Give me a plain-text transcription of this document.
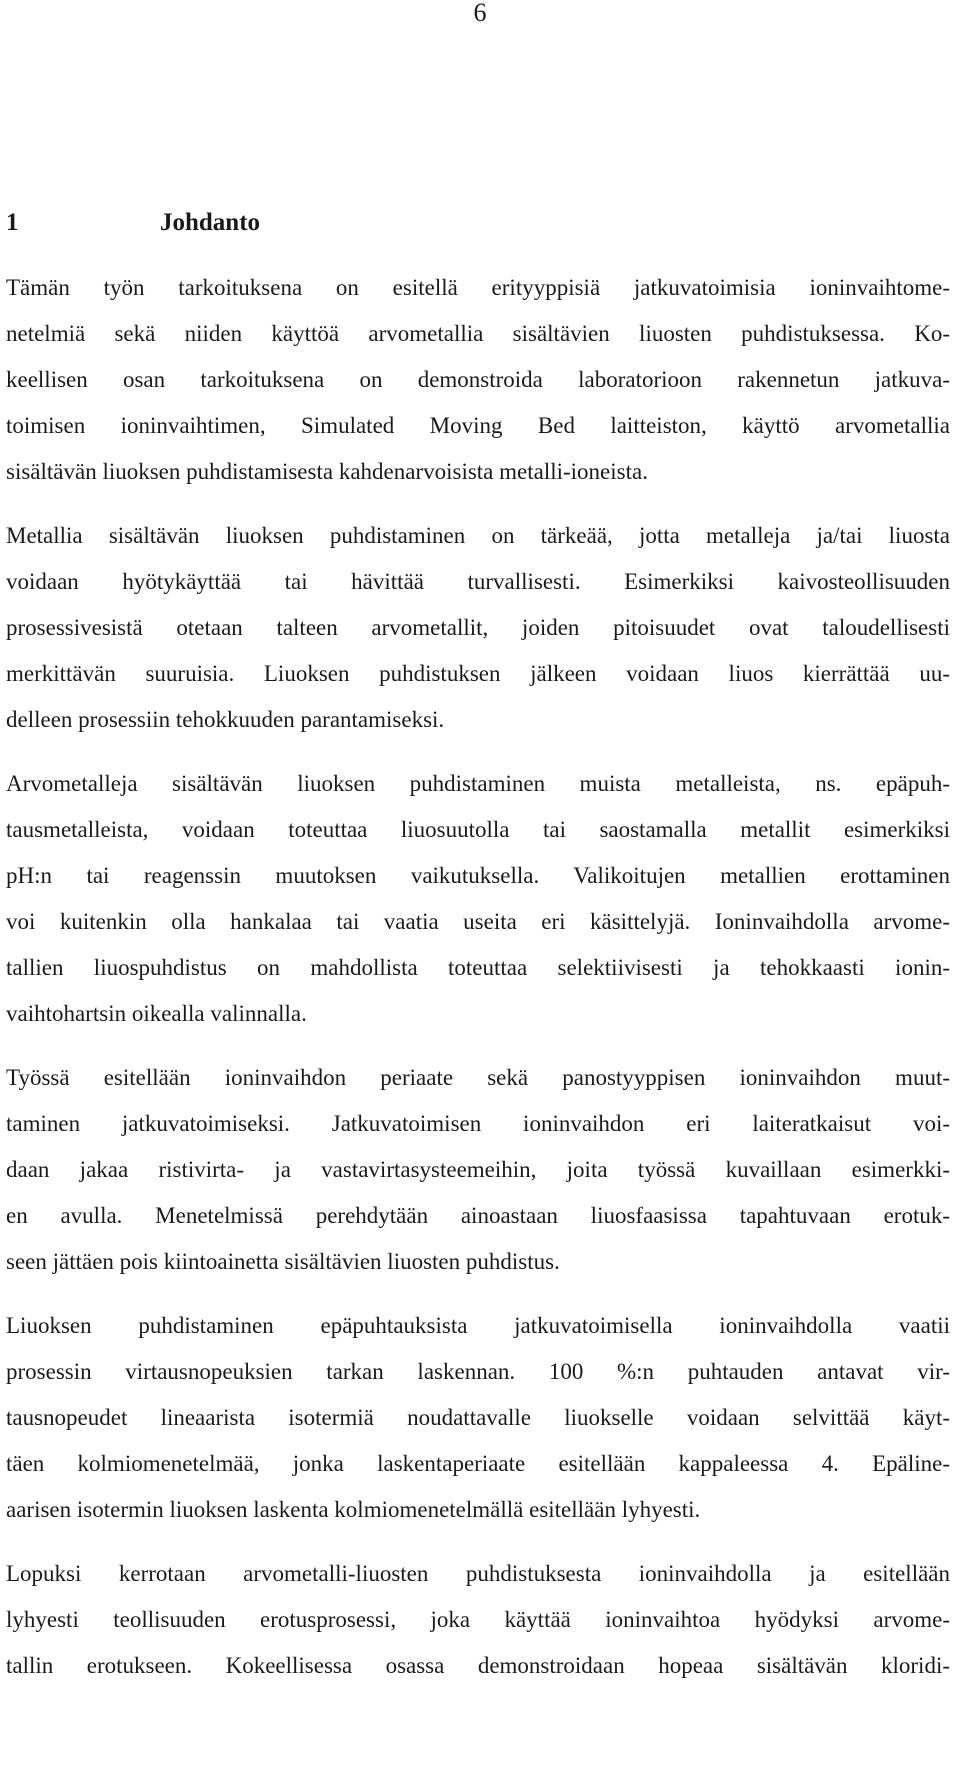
6
1	Johdanto
Tämän työn tarkoituksena on esitellä erityyppisiä jatkuvatoimisia ioninvaihtome-
netelmiä sekä niiden käyttöä arvometallia sisältävien liuosten puhdistuksessa. Ko-
keellisen osan tarkoituksena on demonstroida laboratorioon rakennetun jatkuva-
toimisen ioninvaihtimen, Simulated Moving Bed laitteiston, käyttö arvometallia
sisältävän liuoksen puhdistamisesta kahdenarvoisista metalli-ioneista.
Metallia sisältävän liuoksen puhdistaminen on tärkeää, jotta metalleja ja/tai liuosta
voidaan hyötykäyttää tai hävittää turvallisesti. Esimerkiksi kaivosteollisuuden
prosessivesistä otetaan talteen arvometallit, joiden pitoisuudet ovat taloudellisesti
merkittävän suuruisia. Liuoksen puhdistuksen jälkeen voidaan liuos kierrättää uu-
delleen prosessiin tehokkuuden parantamiseksi.
Arvometalleja sisältävän liuoksen puhdistaminen muista metalleista, ns. epäpuh-
tausmetalleista, voidaan toteuttaa liuosuutolla tai saostamalla metallit esimerkiksi
pH:n tai reagenssin muutoksen vaikutuksella. Valikoitujen metallien erottaminen
voi kuitenkin olla hankalaa tai vaatia useita eri käsittelyjä. Ioninvaihdolla arvome-
tallien liuospuhdistus on mahdollista toteuttaa selektiivisesti ja tehokkaasti ionin-
vaihtohartsin oikealla valinnalla.
Työssä esitellään ioninvaihdon periaate sekä panostyyppisen ioninvaihdon muut-
taminen jatkuvatoimiseksi. Jatkuvatoimisen ioninvaihdon eri laiteratkaisut voi-
daan jakaa ristivirta- ja vastavirtasysteemeihin, joita työssä kuvaillaan esimerkki-
en avulla. Menetelmissä perehdytään ainoastaan liuosfaasissa tapahtuvaan erotuk-
seen jättäen pois kiintoainetta sisältävien liuosten puhdistus.
Liuoksen puhdistaminen epäpuhtauksista jatkuvatoimisella ioninvaihdolla vaatii
prosessin virtausnopeuksien tarkan laskennan. 100 %:n puhtauden antavat vir-
tausnopeudet lineaarista isotermiä noudattavalle liuokselle voidaan selvittää käyt-
täen kolmiomenetelmää, jonka laskentaperiaate esitellään kappaleessa 4. Epäline-
aarisen isotermin liuoksen laskenta kolmiomenetelmällä esitellään lyhyesti.
Lopuksi kerrotaan arvometalli-liuosten puhdistuksesta ioninvaihdolla ja esitellään
lyhyesti teollisuuden erotusprosessi, joka käyttää ioninvaihtoa hyödyksi arvome-
tallin erotukseen. Kokeellisessa osassa demonstroidaan hopeaa sisältävän kloridi-
